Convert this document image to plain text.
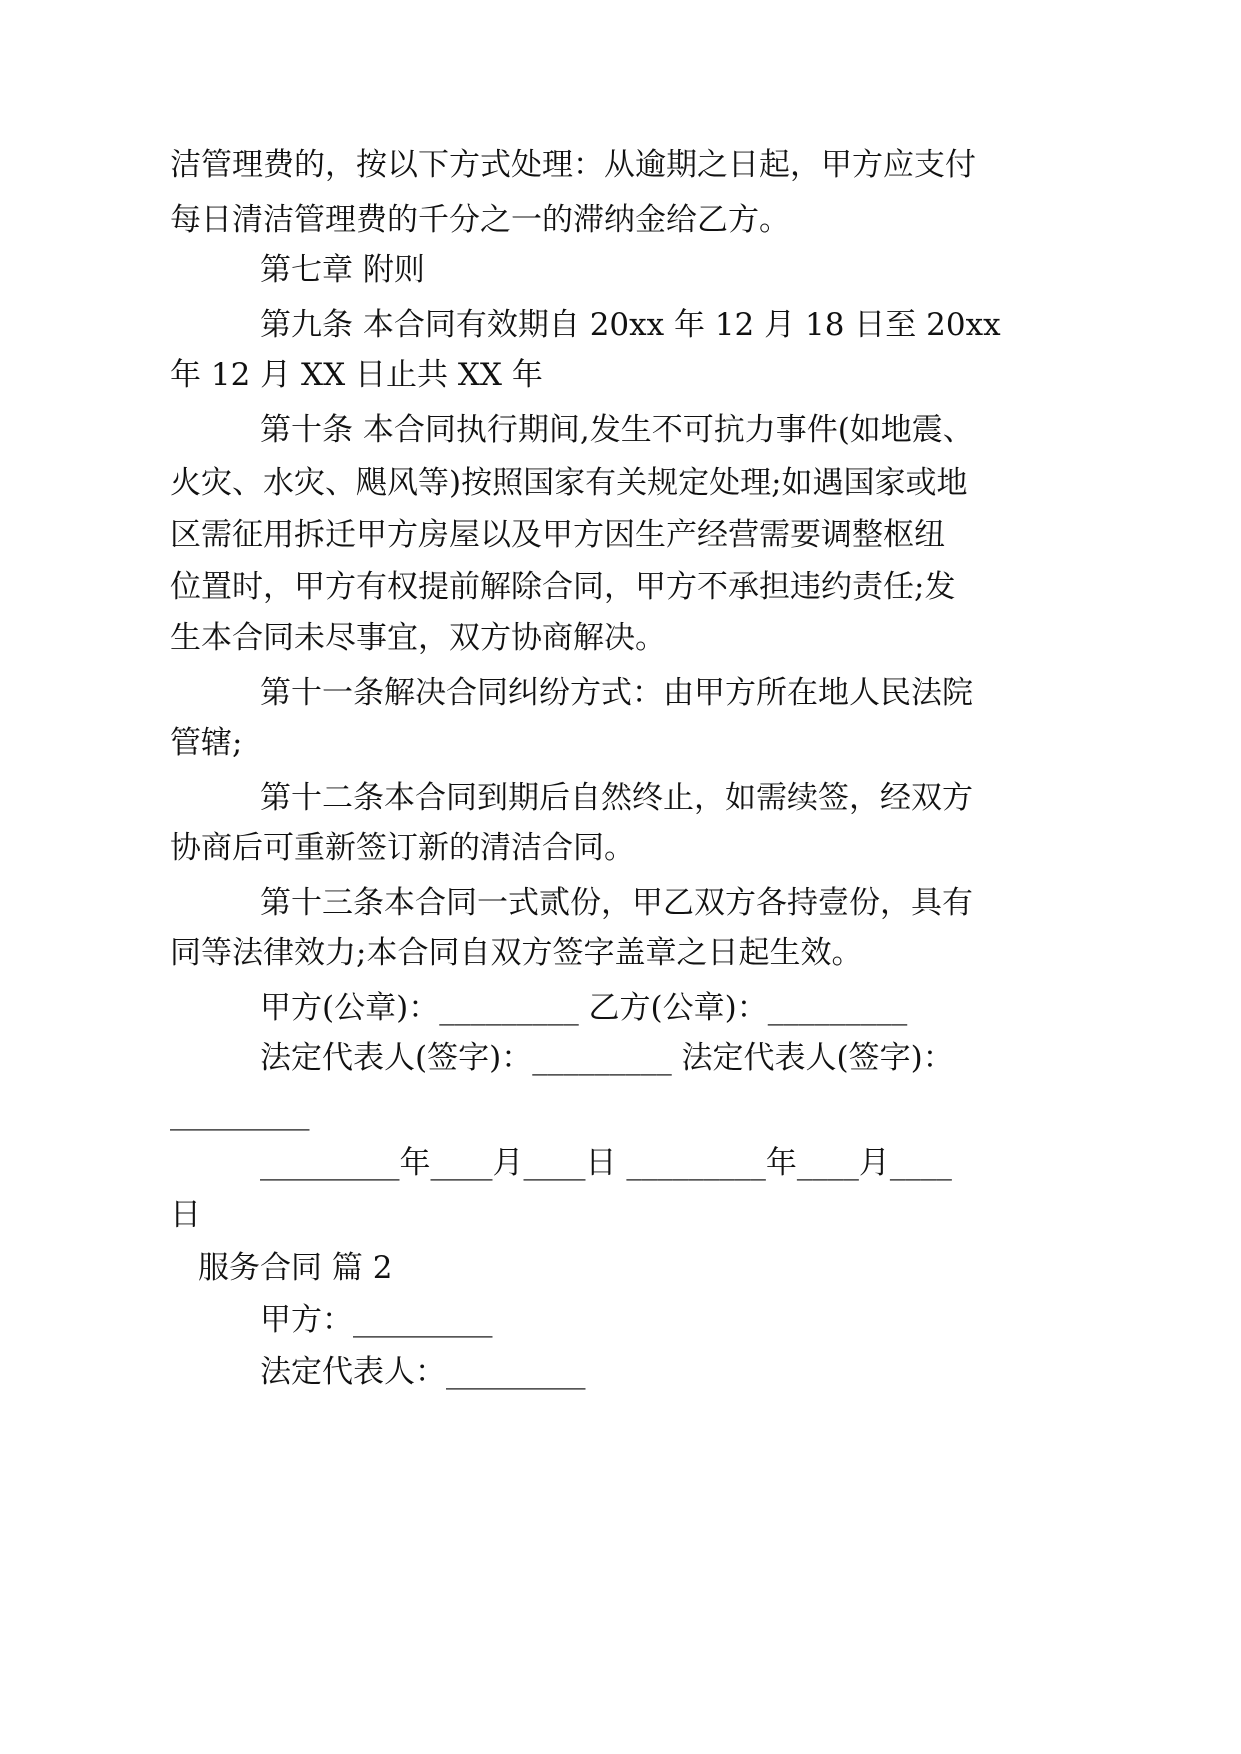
洁管理费的，按以下方式处理：从逾期之日起，甲方应支付
每日清洁管理费的千分之一的滞纳金给乙方。
第七章 附则
第九条 本合同有效期自 20xx 年 12 月 18 日至 20xx
年 12 月 XX 日止共 XX 年
第十条 本合同执行期间,发生不可抗力事件(如地震、
火灾、水灾、飓风等)按照国家有关规定处理;如遇国家或地
区需征用拆迁甲方房屋以及甲方因生产经营需要调整枢纽
位置时，甲方有权提前解除合同，甲方不承担违约责任;发
生本合同未尽事宜，双方协商解决。
第十一条解决合同纠纷方式：由甲方所在地人民法院
管辖;
第十二条本合同到期后自然终止，如需续签，经双方
协商后可重新签订新的清洁合同。
第十三条本合同一式贰份，甲乙双方各持壹份，具有
同等法律效力;本合同自双方签字盖章之日起生效。
甲方(公章)：_________ 乙方(公章)：_________
法定代表人(签字)：_________ 法定代表人(签字)：
_________
_________年____月____日 _________年____月____
日
服务合同 篇 2
甲方：_________
法定代表人：_________
